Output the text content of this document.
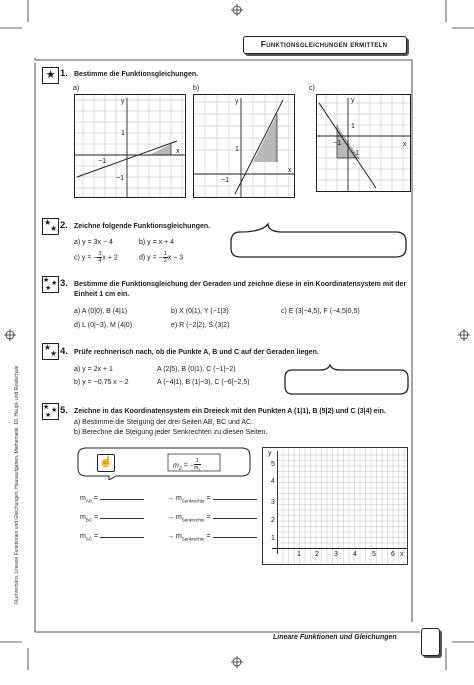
Funktionsgleichungen ermitteln
★ 1. Bestimme die Funktionsgleichungen.
a)	b)	c)
y
x
1
−1
−1
y
x
1
−1
y
x
1
−1
−1
★
★ 2. Zeichne folgende Funktionsgleichungen.
a) y = 3x − 4	b) y = x + 4
c) y = − $\frac{3}{4}x + 2$	d) y = − $\frac{1}{2}x - 3$
★ ★
★ 3. Bestimme die Funktionsgleichung der Geraden und zeichne diese in ein Koordinatensystem mit der
Einheit 1 cm ein.
a) A (0|0), B (4|1)	b) X (0|1), Y (−1|3)	c) E (3|−4,5), F (−4,5|0,5)
d) L (0|−3), M (4|0)	e) R (−2|2), S (3|2)
★
★ 4. Prüfe rechnerisch nach, ob die Punkte A, B und C auf der Geraden liegen.
a) y = 2x + 1	A (2|5), B (0|1), C (−1|−2)
b) y = −0,75 x − 2	A (−4|1), B (1|−3), C (−6|−2,5)
★ ★
★ 5. Zeichne in das Koordinatensystem ein Dreieck mit den Punkten A (1|1), B (5|2) und C (3|4) ein.
a) Bestimme die Steigung der drei Seiten AB, BC und AC.
b) Berechne die Steigung jeder Senkrechten zu diesen Seiten.
☝	$m_2$ = − $\frac{1}{m_1}$
$m_{AB}$ =	→ $m_{Senkrechte}$ =
$m_{BC}$ =	→ $m_{Senkrechte}$ =
$m_{AC}$ =	→ $m_{Senkrechte}$ =
y
x
5
4
3
2
1
1 2 3 4 5 6
©Lehrerbüro, Lineare Funktionen und Gleichungen, Hausaufgaben, Mathematik, 10. Haupt- und Realschule
Lineare Funktionen und Gleichungen
